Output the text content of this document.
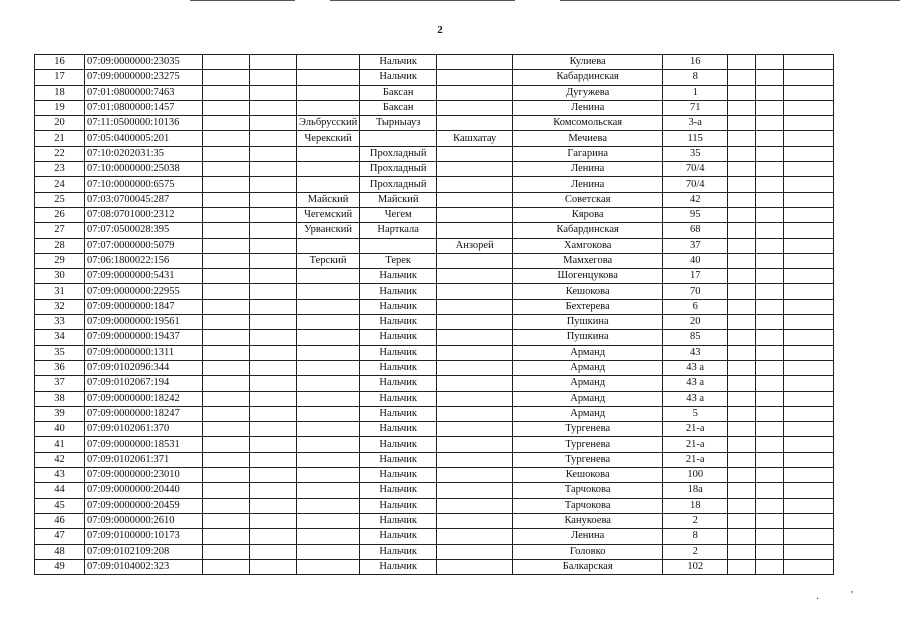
2
16	07:09:0000000:23035				Нальчик		Кулиева	16			
17	07:09:0000000:23275				Нальчик		Кабардинская	8			
18	07:01:0800000:7463				Баксан		Дугужева	1			
19	07:01:0800000:1457				Баксан		Ленина	71			
20	07:11:0500000:10136			Эльбрусский	Тырныауз		Комсомольская	3-а			
21	07:05:0400005:201			Черекский		Кашхатау	Мечиева	115			
22	07:10:0202031:35				Прохладный		Гагарина	35			
23	07:10:0000000:25038				Прохладный		Ленина	70/4			
24	07:10:0000000:6575				Прохладный		Ленина	70/4			
25	07:03:0700045:287			Майский	Майский		Советская	42			
26	07:08:0701000:2312			Чегемский	Чегем		Кярова	95			
27	07:07:0500028:395			Урванский	Нарткала		Кабардинская	68			
28	07:07:0000000:5079					Анзорей	Хамгокова	37			
29	07:06:1800022:156			Терский	Терек		Мамхегова	40			
30	07:09:0000000:5431				Нальчик		Шогенцукова	17			
31	07:09:0000000:22955				Нальчик		Кешокова	70			
32	07:09:0000000:1847				Нальчик		Бехтерева	6			
33	07:09:0000000:19561				Нальчик		Пушкина	20			
34	07:09:0000000:19437				Нальчик		Пушкина	85			
35	07:09:0000000:1311				Нальчик		Арманд	43			
36	07:09:0102096:344				Нальчик		Арманд	43 а			
37	07:09:0102067:194				Нальчик		Арманд	43 а			
38	07:09:0000000:18242				Нальчик		Арманд	43 а			
39	07:09:0000000:18247				Нальчик		Арманд	5			
40	07:09:0102061:370				Нальчик		Тургенева	21-а			
41	07:09:0000000:18531				Нальчик		Тургенева	21-а			
42	07:09:0102061:371				Нальчик		Тургенева	21-а			
43	07:09:0000000:23010				Нальчик		Кешокова	100			
44	07:09:0000000:20440				Нальчик		Тарчокова	18а			
45	07:09:0000000:20459				Нальчик		Тарчокова	18			
46	07:09:0000000:2610				Нальчик		Канукоева	2			
47	07:09:0100000:10173				Нальчик		Ленина	8			
48	07:09:0102109:208				Нальчик		Головко	2			
49	07:09:0104002:323				Нальчик		Балкарская	102			
·	'
